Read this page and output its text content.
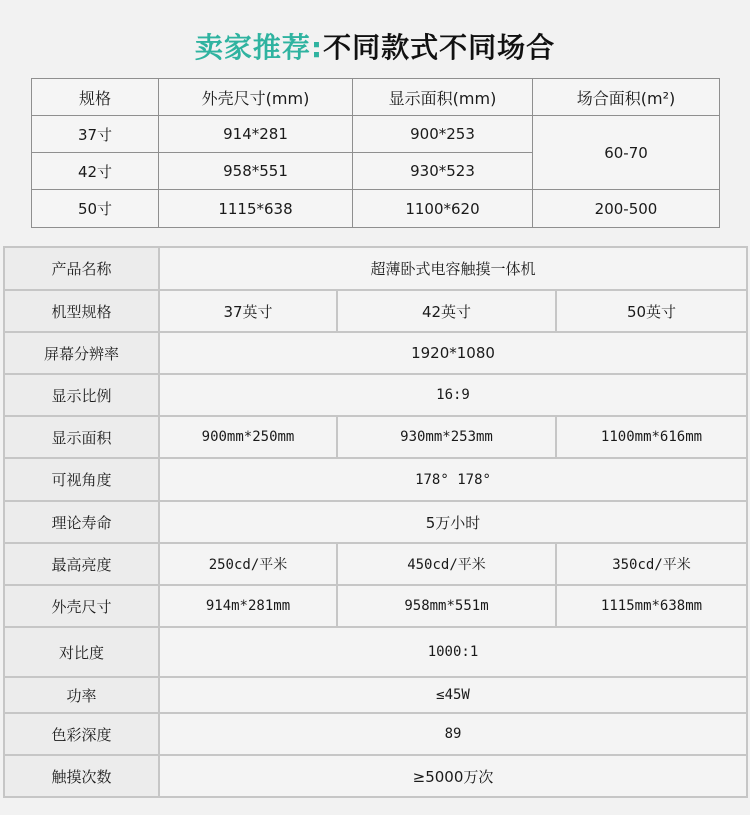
卖家推荐:不同款式不同场合
规格	外壳尺寸(mm)	显示面积(mm)	场合面积(m²)
37寸	914*281	900*253	60-70
42寸	958*551	930*523	
50寸	1115*638	1100*620	200-500
产品名称	超薄卧式电容触摸一体机		
机型规格	37英寸	42英寸	50英寸
屏幕分辨率	1920*1080		
显示比例	16:9		
显示面积	900mm*250mm	930mm*253mm	1100mm*616mm
可视角度	178° 178°		
理论寿命	5万小时		
最高亮度	250cd/平米	450cd/平米	350cd/平米
外壳尺寸	914m*281mm	958mm*551m	1115mm*638mm
对比度	1000:1		
功率	≤45W		
色彩深度	89		
触摸次数	≥5000万次		
